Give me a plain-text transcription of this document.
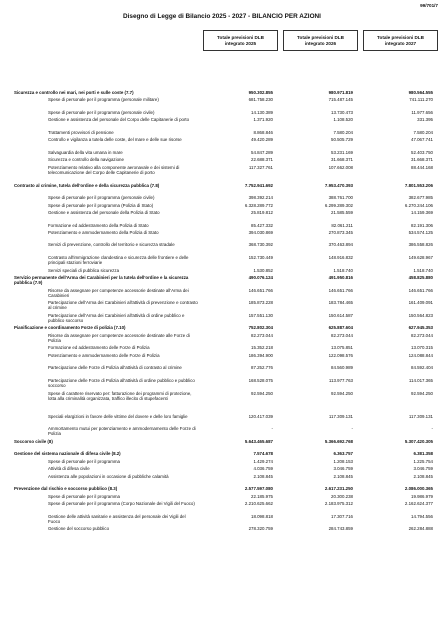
99/701/7
Disegno di Legge di Bilancio 2025 - 2027 - BILANCIO PER AZIONI
Totale previsioni DLB
integrato 2025
Totale previsioni DLB
integrato 2026
Totale previsioni DLB
integrato 2027
Sicurezza e controllo nei mari, nei porti e sulle coste (7.7)	950.302.855	980.971.819	980.564.555
Spese di personale per il programma (personale militare)	681.758.230	715.487.145	741.111.270
Spese di personale per il programma (personale civile)	14.130.389	13.730.473	11.977.656
Gestione e assistenza del personale del Corpo delle Capitanerie di porto	1.371.920	1.108.520	331.395
Trattamenti provvisori di pensione	8.868.846	7.580.204	7.580.204
Controllo e vigilanza a tutela delle coste, del mare e delle sue risorse	49.420.289	50.505.729	47.067.741
Salvaguardia della vita umana in mare	54.847.289	53.231.169	52.403.750
Sicurezza e controllo della navigazione	22.688.371	31.668.371	31.668.371
Potenziamento relativo alla componente aeronavale e dei sistemi di telecomunicazione del Corpo delle Capitanerie di porto
117.327.761	107.662.008	88.444.168
Contrasto al crimine, tutela dell'ordine e della sicurezza pubblica (7.8)	7.752.941.692	7.953.470.393	7.801.553.206
Spese di personale per il programma (personale civile)	398.392.214	388.761.700	382.677.985
Spese di personale per il programma (Polizia di Stato)	6.328.289.772	6.299.289.302	6.270.244.106
Gestione e assistenza del personale della Polizia di Stato	25.819.812	21.585.559	14.159.369
Formazione ed addestramento della Polizia di Stato	85.427.332	82.061.211	82.191.306
Potenziamento e ammodernamento della Polizia di Stato	394.030.869	270.873.345	534.574.125
Servizi di prevenzione, controllo del territorio e sicurezza stradale	368.730.392	370.463.894	386.558.826
Contrasto all'immigrazione clandestina e sicurezza delle frontiere e delle principali stazioni ferroviarie
152.730.449	148.916.832	149.628.967
Servizi speciali di pubblica sicurezza	1.530.852	1.518.740	1.518.740
Servizio permanente dell'Arma dei Carabinieri per la tutela dell'ordine e la sicurezza pubblica (7.9)
490.076.124	491.950.816	458.825.880
Risorse da assegnare per competenze accessorie destinate all'Arma dei Carabinieri
146.651.766	146.651.766	146.651.766
Partecipazione dell'Arma dei Carabinieri all'attività di prevenzione e contrasto al crimine
185.873.228	183.784.465	161.409.091
Partecipazione dell'Arma dei Carabinieri all'attività di ordine pubblico e pubblico soccorso
157.551.130	150.614.587	150.564.823
Pianificazione e coordinamento Forze di polizia (7.10)	752.802.304	625.887.604	627.945.353
Risorse da assegnare per competenze accessorie destinate alle Forze di Polizia
82.273.044	82.273.044	82.273.044
Formazione ed addestramento delle Forze di Polizia	15.352.218	13.075.851	13.070.315
Potenziamento e ammodernamento delle Forze di Polizia	186.394.900	122.098.576	124.088.844
Partecipazione delle Forze di Polizia all'attività di contrasto al crimine	87.252.776	84.560.989	84.592.404
Partecipazione delle Forze di Polizia all'attività di ordine pubblico e pubblico soccorso
168.528.075	113.977.763	114.017.365
Spese di carattere riservato per: fatturazione dei programmi di protezione, lotta alla criminalità organizzata, traffico illecito di stupefacenti
92.594.250	92.594.250	92.594.250
Speciali elargizioni in favore delle vittime del dovere e delle loro famiglie	120.417.039	117.309.131	117.309.131
Ammortamento mutui per potenziamento e ammodernamento delle Forze di Polizia
-	-	-
Soccorso civile (8)	5.643.465.687	5.366.692.768	5.307.420.305
Gestione del sistema nazionale di difesa civile (8.2)	7.574.678	6.363.757	6.381.358
Spese di personale per il programma	1.429.274	1.208.153	1.225.754
Attività di difesa civile	4.036.759	3.046.759	3.046.759
Assistenza alle popolazioni in occasione di pubbliche calamità	2.108.845	2.108.845	2.108.845
Prevenzione dal rischio e soccorso pubblico (8.3)	2.577.597.080	2.617.231.250	2.086.000.365
Spese di personale per il programma	22.185.975	20.300.238	19.986.979
Spese di personale per il programma (Corpo Nazionale dei Vigili del Fuoco)	2.210.625.662	2.183.975.312	2.162.624.377
Gestione delle attività sanitarie e assistenza del personale dei Vigili del Fuoco
18.098.818	17.307.716	14.794.556
Gestione del soccorso pubblico	278.320.759	284.743.859	262.284.888
